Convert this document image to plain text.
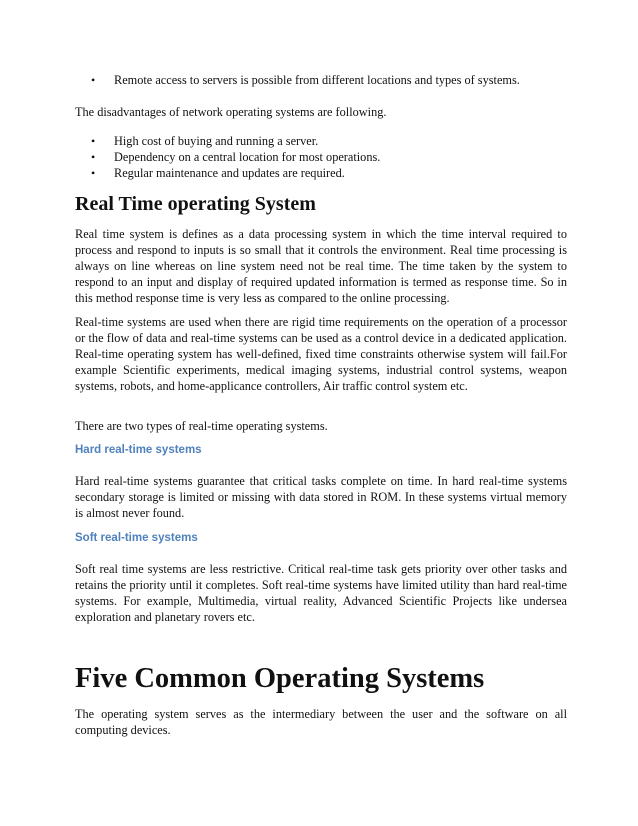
• Remote access to servers is possible from different locations and types of systems.
The disadvantages of network operating systems are following.
• High cost of buying and running a server.
• Dependency on a central location for most operations.
• Regular maintenance and updates are required.
Real Time operating System
Real time system is defines as a data processing system in which the time interval required to process and respond to inputs is so small that it controls the environment. Real time processing is always on line whereas on line system need not be real time. The time taken by the system to respond to an input and display of required updated information is termed as response time. So in this method response time is very less as compared to the online processing.
Real-time systems are used when there are rigid time requirements on the operation of a processor or the flow of data and real-time systems can be used as a control device in a dedicated application. Real-time operating system has well-defined, fixed time constraints otherwise system will fail.For example Scientific experiments, medical imaging systems, industrial control systems, weapon systems, robots, and home-applicance controllers, Air traffic control system etc.
There are two types of real-time operating systems.
Hard real-time systems
Hard real-time systems guarantee that critical tasks complete on time. In hard real-time systems secondary storage is limited or missing with data stored in ROM. In these systems virtual memory is almost never found.
Soft real-time systems
Soft real time systems are less restrictive. Critical real-time task gets priority over other tasks and retains the priority until it completes. Soft real-time systems have limited utility than hard real-time systems. For example, Multimedia, virtual reality, Advanced Scientific Projects like undersea exploration and planetary rovers etc.
Five Common Operating Systems
The operating system serves as the intermediary between the user and the software on all computing devices.
